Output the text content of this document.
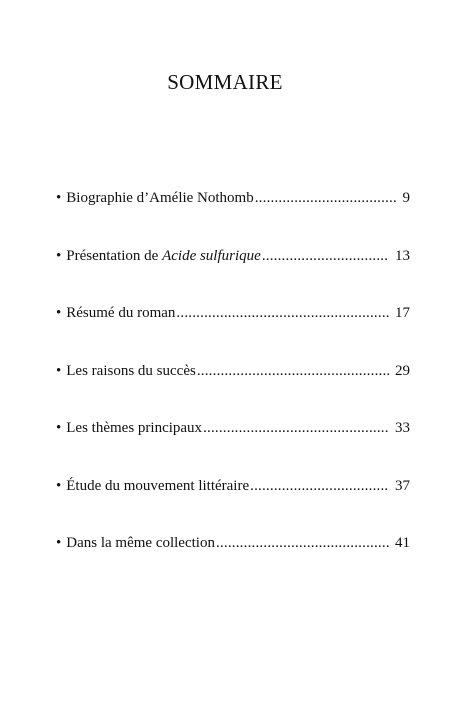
SOMMAIRE
• Biographie d’Amélie Nothomb .....	9
• Présentation de Acide sulfurique .....	13
• Résumé du roman .....	17
• Les raisons du succès .....	29
• Les thèmes principaux .....	33
• Étude du mouvement littéraire .....	37
• Dans la même collection .....	41
